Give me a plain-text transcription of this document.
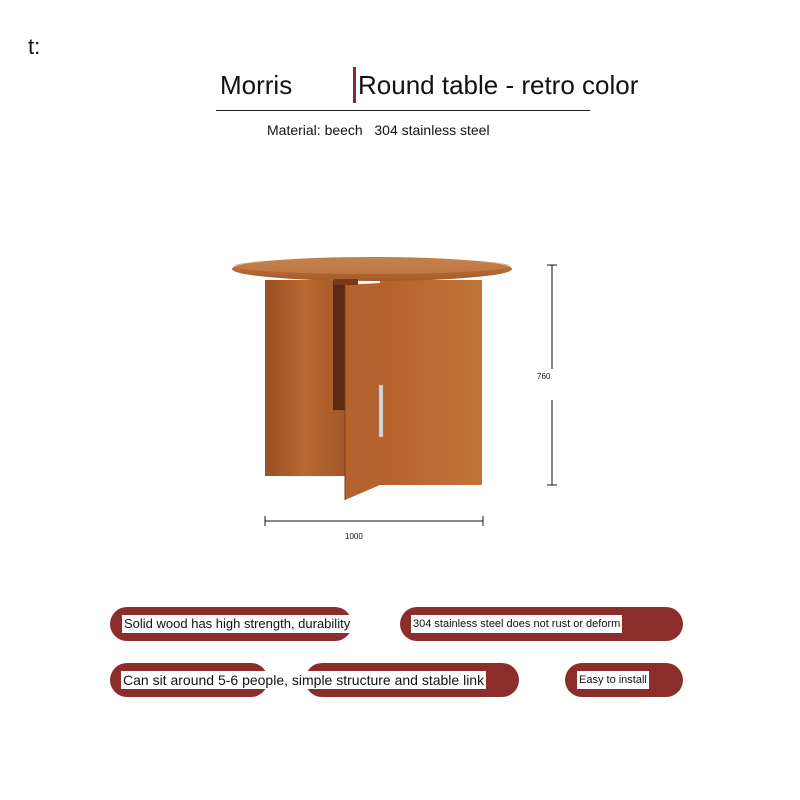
t:
Morris	Round table - retro color
Material: beech   304 stainless steel
760
1000
Solid wood has high strength, durability	304 stainless steel does not rust or deform
Can sit around 5-6 people, simple structure and stable link	Easy to install
